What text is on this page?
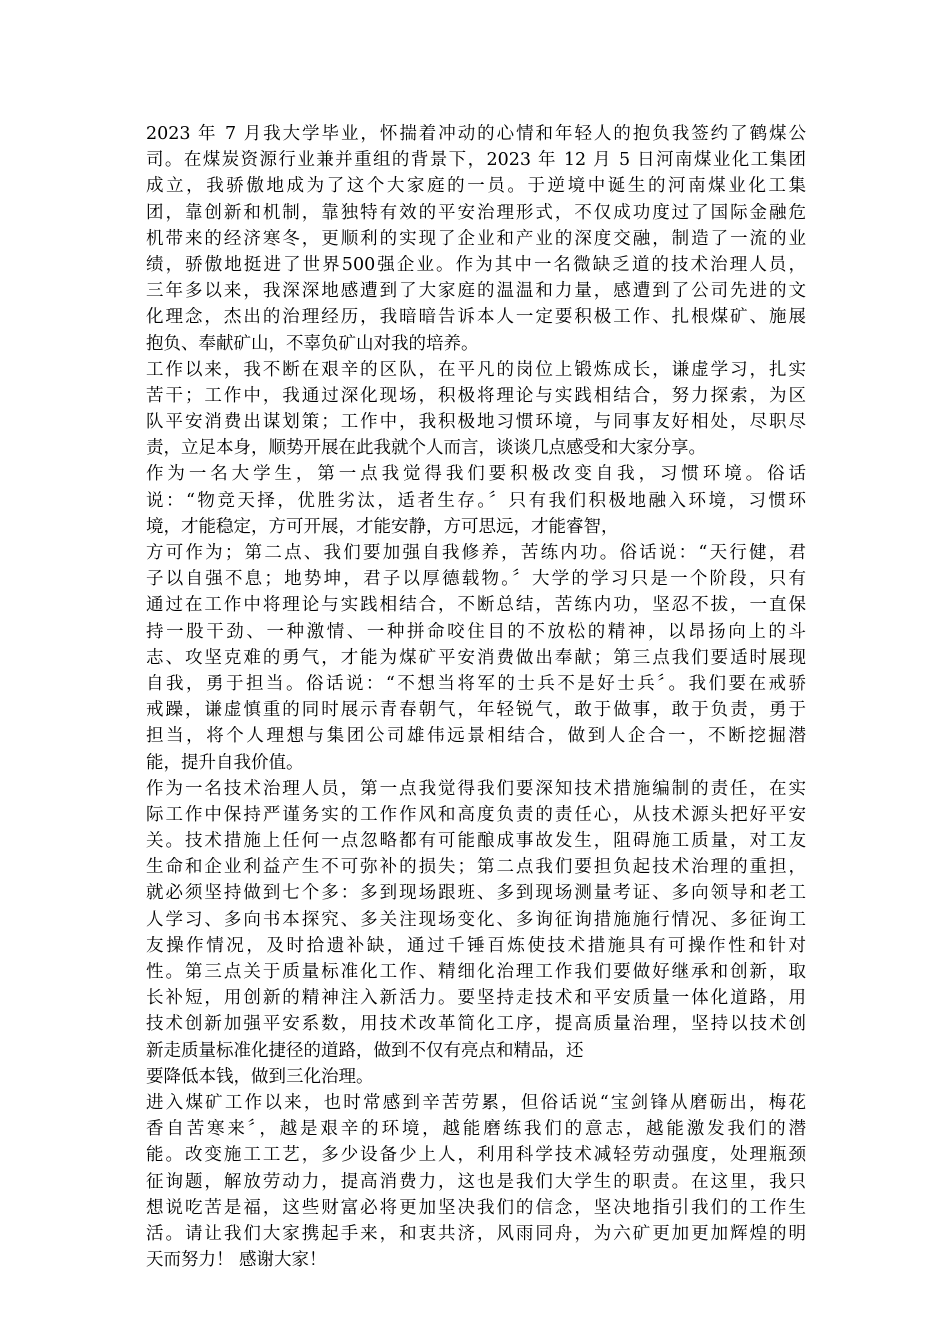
2023 年 7 月我大学毕业，怀揣着冲动的心情和年轻人的抱负我签约了鹤煤公
司。在煤炭资源行业兼并重组的背景下，2023 年 12 月 5 日河南煤业化工集团
成立，我骄傲地成为了这个大家庭的一员。于逆境中诞生的河南煤业化工集
团，靠创新和机制，靠独特有效的平安治理形式，不仅成功度过了国际金融危
机带来的经济寒冬，更顺利的实现了企业和产业的深度交融，制造了一流的业
绩，骄傲地挺进了世界500强企业。作为其中一名微缺乏道的技术治理人员，
三年多以来，我深深地感遭到了大家庭的温温和力量，感遭到了公司先进的文
化理念，杰出的治理经历，我暗暗告诉本人一定要积极工作、扎根煤矿、施展
抱负、奉献矿山，不辜负矿山对我的培养。
工作以来，我不断在艰辛的区队，在平凡的岗位上锻炼成长，谦虚学习，扎实
苦干；工作中，我通过深化现场，积极将理论与实践相结合，努力探索，为区
队平安消费出谋划策；工作中，我积极地习惯环境，与同事友好相处，尽职尽
责，立足本身，顺势开展在此我就个人而言，谈谈几点感受和大家分享。
作为一名大学生，第一点我觉得我们要积极改变自我，习惯环境。俗话
说：“物竞天择，优胜劣汰，适者生存。〞只有我们积极地融入环境，习惯环
境，才能稳定，方可开展，才能安静，方可思远，才能睿智，
方可作为；第二点、我们要加强自我修养，苦练内功。俗话说：“天行健，君
子以自强不息；地势坤，君子以厚德载物。〞大学的学习只是一个阶段，只有
通过在工作中将理论与实践相结合，不断总结，苦练内功，坚忍不拔，一直保
持一股干劲、一种激情、一种拼命咬住目的不放松的精神，以昂扬向上的斗
志、攻坚克难的勇气，才能为煤矿平安消费做出奉献；第三点我们要适时展现
自我，勇于担当。俗话说：“不想当将军的士兵不是好士兵〞。我们要在戒骄
戒躁，谦虚慎重的同时展示青春朝气，年轻锐气，敢于做事，敢于负责，勇于
担当，将个人理想与集团公司雄伟远景相结合，做到人企合一，不断挖掘潜
能，提升自我价值。
作为一名技术治理人员，第一点我觉得我们要深知技术措施编制的责任，在实
际工作中保持严谨务实的工作作风和高度负责的责任心，从技术源头把好平安
关。技术措施上任何一点忽略都有可能酿成事故发生，阻碍施工质量，对工友
生命和企业利益产生不可弥补的损失；第二点我们要担负起技术治理的重担，
就必须坚持做到七个多：多到现场跟班、多到现场测量考证、多向领导和老工
人学习、多向书本探究、多关注现场变化、多询征询措施施行情况、多征询工
友操作情况，及时拾遗补缺，通过千锤百炼使技术措施具有可操作性和针对
性。第三点关于质量标准化工作、精细化治理工作我们要做好继承和创新，取
长补短，用创新的精神注入新活力。要坚持走技术和平安质量一体化道路，用
技术创新加强平安系数，用技术改革简化工序，提高质量治理，坚持以技术创
新走质量标准化捷径的道路，做到不仅有亮点和精品，还
要降低本钱，做到三化治理。
进入煤矿工作以来，也时常感到辛苦劳累，但俗话说“宝剑锋从磨砺出，梅花
香自苦寒来〞，越是艰辛的环境，越能磨练我们的意志，越能激发我们的潜
能。改变施工工艺，多少设备少上人，利用科学技术减轻劳动强度，处理瓶颈
征询题，解放劳动力，提高消费力，这也是我们大学生的职责。在这里，我只
想说吃苦是福，这些财富必将更加坚决我们的信念，坚决地指引我们的工作生
活。请让我们大家携起手来，和衷共济，风雨同舟，为六矿更加更加辉煌的明
天而努力！ 感谢大家！
